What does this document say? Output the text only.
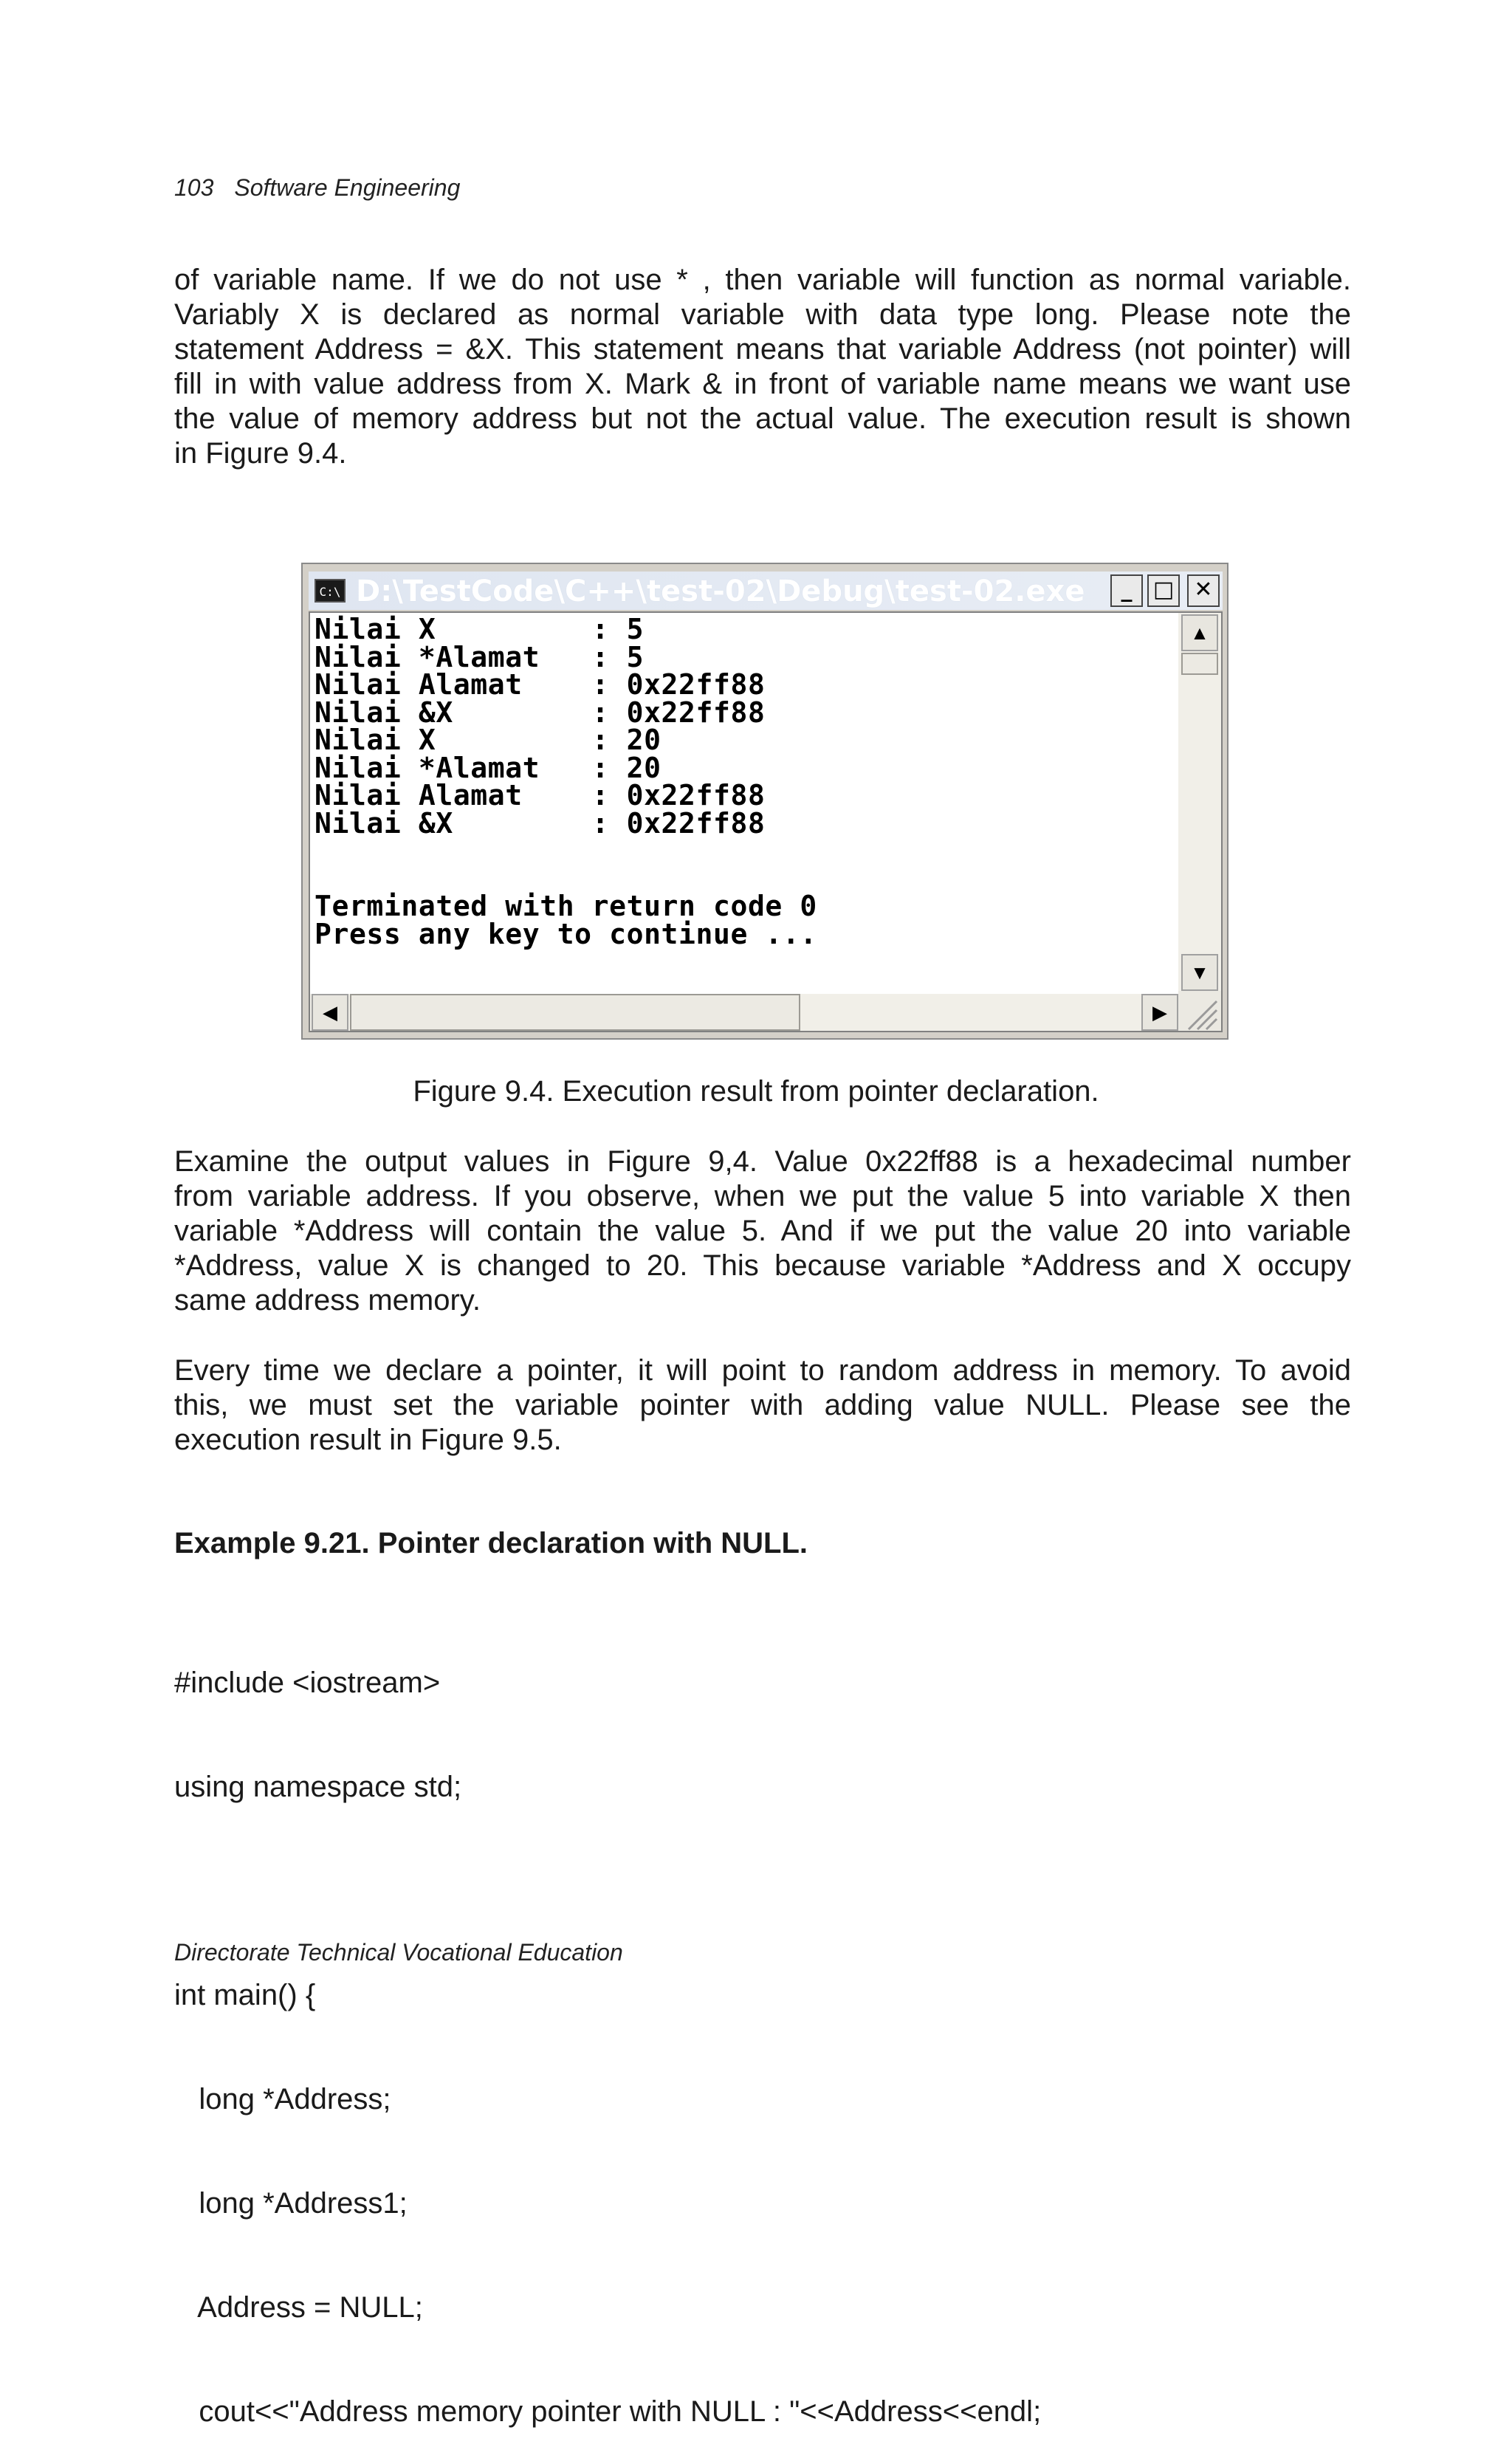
103 Software Engineering
of variable name. If we do not use * , then variable will function as normal variable.
Variably X is declared as normal variable with data type long. Please note the
statement Address = &X. This statement means that variable Address (not pointer) will
fill in with value address from X. Mark & in front of variable name means we want use
the value of memory address but not the actual value. The execution result is shown
in Figure 9.4.
C:\ D:\TestCode\C++\test-02\Debug\test-02.exe	_ □ ✕
Nilai X         : 5
Nilai *Alamat   : 5
Nilai Alamat    : 0x22ff88
Nilai &X        : 0x22ff88
Nilai X         : 20
Nilai *Alamat   : 20
Nilai Alamat    : 0x22ff88
Nilai &X        : 0x22ff88

Terminated with return code 0
Press any key to continue ...
▲
▼
◀	▶
Figure 9.4. Execution result from pointer declaration.
Examine the output values in Figure 9,4. Value 0x22ff88 is a hexadecimal number
from variable address. If you observe, when we put the value 5 into variable X then
variable *Address will contain the value 5. And if we put the value 20 into variable
*Address, value X is changed to 20. This because variable *Address and X occupy
same address memory.
Every time we declare a pointer, it will point to random address in memory. To avoid
this, we must set the variable pointer with adding value NULL. Please see the
execution result in Figure 9.5.
Example 9.21. Pointer declaration with NULL.

#include <iostream>

using namespace std;

int main() {

long *Address;

long *Address1;

Address = NULL;

cout<<"Address memory pointer with NULL : "<<Address<<endl;

Directorate Technical Vocational Education
